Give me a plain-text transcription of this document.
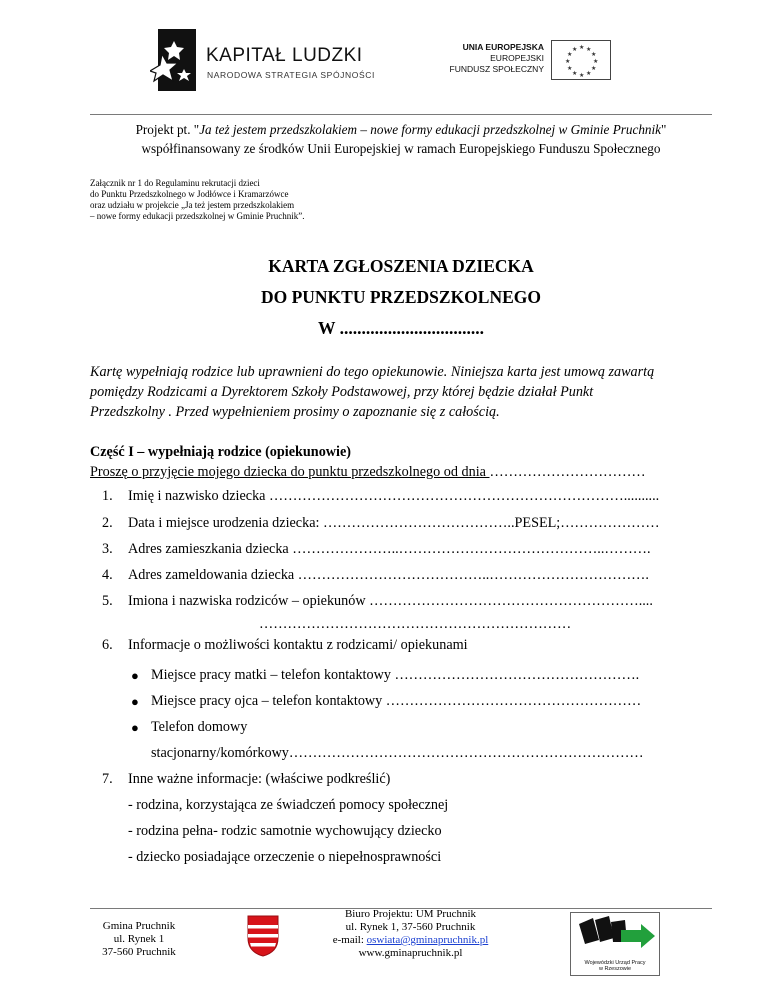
KAPITAŁ LUDZKI
NARODOWA STRATEGIA SPÓJNOŚCI
UNIA EUROPEJSKA
EUROPEJSKI
FUNDUSZ SPOŁECZNY
★ ★
★
★
★
★
★
★
★
★
★
★
Projekt pt. "Ja też jestem przedszkolakiem – nowe formy edukacji przedszkolnej w Gminie Pruchnik"
współfinansowany ze środków Unii Europejskiej w ramach Europejskiego Funduszu Społecznego
Załącznik nr 1 do Regulaminu rekrutacji dzieci
do Punktu Przedszkolnego w Jodłówce i Kramarzówce
oraz udziału w projekcie „Ja też jestem przedszkolakiem
– nowe formy edukacji przedszkolnej w Gminie Pruchnik”.
KARTA ZGŁOSZENIA DZIECKA
DO PUNKTU PRZEDSZKOLNEGO
W .................................
Kartę wypełniają rodzice lub uprawnieni do tego opiekunowie. Niniejsza karta jest umową zawartą
pomiędzy Rodzicami a Dyrektorem Szkoły Podstawowej, przy której będzie działał Punkt
Przedszkolny . Przed wypełnieniem prosimy o zapoznanie się z całością.
Część I – wypełniają rodzice (opiekunowie)
Proszę o przyjęcie mojego dziecka do punktu przedszkolnego od dnia ……………………………
1. Imię i nazwisko dziecka …………………………………………………………………..........
2. Data i miejsce urodzenia dziecka: …………………………………..PESEL;…………………
3. Adres zamieszkania dziecka …………………..……………………………………..……….
4. Adres zameldowania dziecka …………………………………..…………………………….
5. Imiona i nazwiska rodziców – opiekunów …………………………………………………....
…………………………………………………………
6. Informacje o możliwości kontaktu z rodzicami/ opiekunami
● Miejsce pracy matki – telefon kontaktowy …………………………………………….
● Miejsce pracy ojca – telefon kontaktowy ………………………………………………
● Telefon domowy
stacjonarny/komórkowy…………………………………………………………………
7. Inne ważne informacje: (właściwe podkreślić)
- rodzina, korzystająca ze świadczeń pomocy społecznej
- rodzina pełna- rodzic samotnie wychowujący dziecko
- dziecko posiadające orzeczenie o niepełnosprawności
Gmina Pruchnik
ul. Rynek 1
37-560 Pruchnik
Biuro Projektu: UM Pruchnik
ul. Rynek 1, 37-560 Pruchnik
e-mail: oswiata@gminapruchnik.pl
www.gminapruchnik.pl
Wojewódzki Urząd Pracy
w Rzeszowie
